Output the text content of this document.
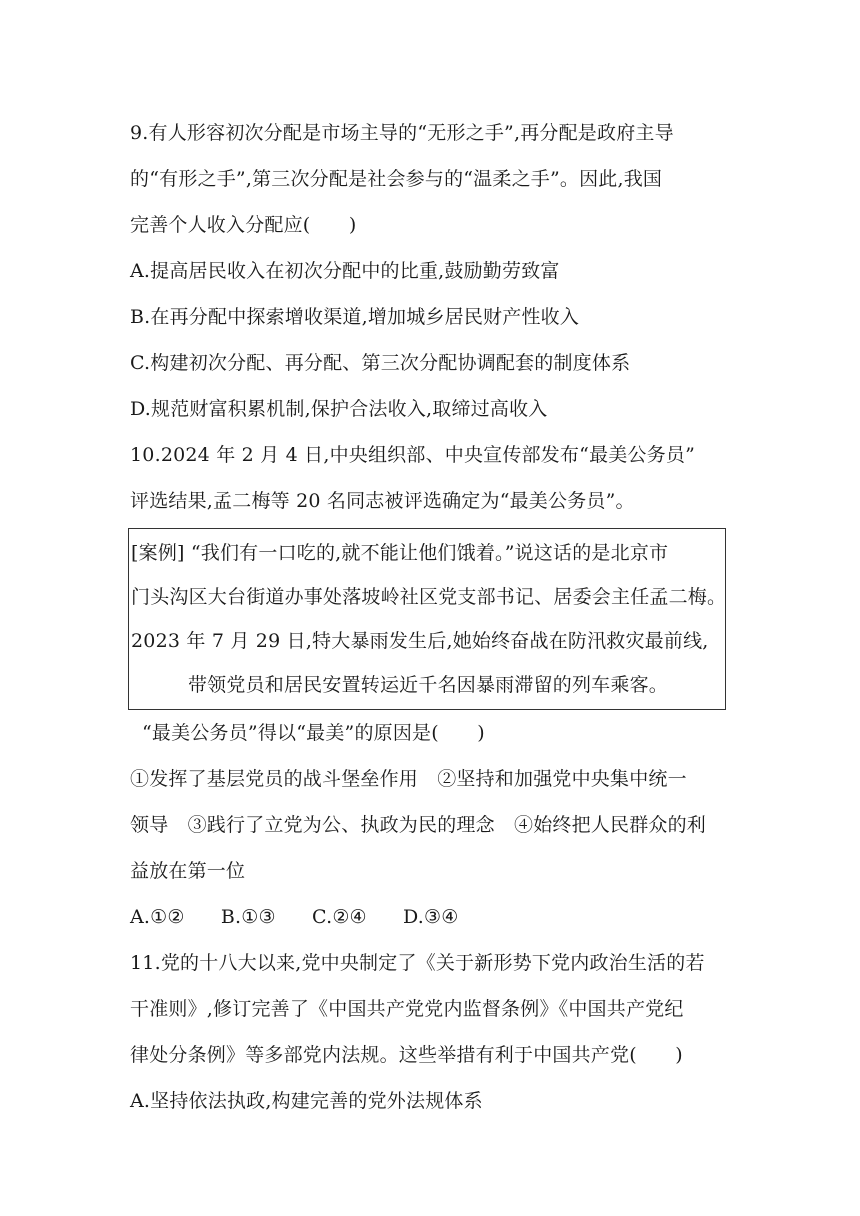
9.有人形容初次分配是市场主导的“无形之手”,再分配是政府主导
的“有形之手”,第三次分配是社会参与的“温柔之手”。因此,我国
完善个人收入分配应(　　)
A.提高居民收入在初次分配中的比重,鼓励勤劳致富
B.在再分配中探索增收渠道,增加城乡居民财产性收入
C.构建初次分配、再分配、第三次分配协调配套的制度体系
D.规范财富积累机制,保护合法收入,取缔过高收入
10.2024 年 2 月 4 日,中央组织部、中央宣传部发布“最美公务员”
评选结果,孟二梅等 20 名同志被评选确定为“最美公务员”。
[案例] “我们有一口吃的,就不能让他们饿着。”说这话的是北京市
门头沟区大台街道办事处落坡岭社区党支部书记、居委会主任孟二梅。
2023 年 7 月 29 日,特大暴雨发生后,她始终奋战在防汛救灾最前线,
带领党员和居民安置转运近千名因暴雨滞留的列车乘客。
“最美公务员”得以“最美”的原因是(　　)
①发挥了基层党员的战斗堡垒作用　②坚持和加强党中央集中统一
领导　③践行了立党为公、执政为民的理念　④始终把人民群众的利
益放在第一位
A.①② B.①③ C.②④ D.③④
11.党的十八大以来,党中央制定了《关于新形势下党内政治生活的若
干准则》,修订完善了《中国共产党党内监督条例》《中国共产党纪
律处分条例》等多部党内法规。这些举措有利于中国共产党(　　)
A.坚持依法执政,构建完善的党外法规体系
